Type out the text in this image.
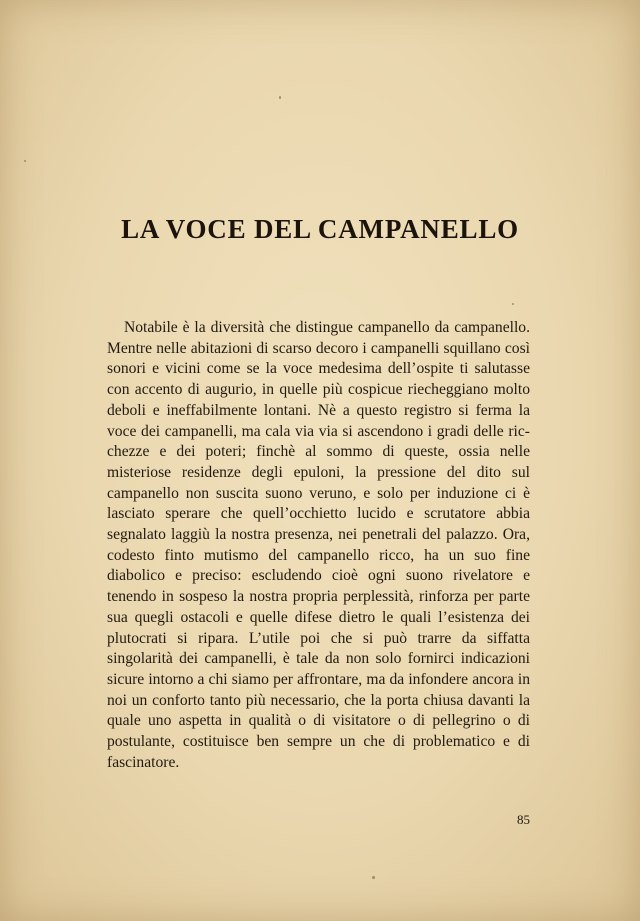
LA VOCE DEL CAMPANELLO

Notabile è la diversità che distingue campanello da campanello. Mentre nelle abitazioni di scarso decoro i campanelli squillano così sonori e vicini come se la voce medesima dell’ospite ti salutasse con accento di augurio, in quelle più cospicue riecheggiano molto deboli e ineffabilmente lontani. Nè a questo registro si ferma la voce dei campanelli, ma cala via via si ascendono i gradi delle ricchezze e dei poteri; finchè al sommo di queste, ossia nelle misteriose residenze degli epuloni, la pressione del dito sul campanello non suscita suono veruno, e solo per induzione ci è lasciato sperare che quell’occhietto lucido e scrutatore abbia segnalato laggiù la nostra presenza, nei penetrali del palazzo. Ora, codesto finto mutismo del campanello ricco, ha un suo fine diabolico e preciso: escludendo cioè ogni suono rivelatore e tenendo in sospeso la nostra propria perplessità, rinforza per parte sua quegli ostacoli e quelle difese dietro le quali l’esistenza dei plutocrati si ripara. L’utile poi che si può trarre da siffatta singolarità dei campanelli, è tale da non solo fornirci indicazioni sicure intorno a chi siamo per affrontare, ma da infondere ancora in noi un conforto tanto più necessario, che la porta chiusa davanti la quale uno aspetta in qualità o di visitatore o di pellegrino o di postulante, costituisce ben sempre un che di problematico e di fascinatore.

85
